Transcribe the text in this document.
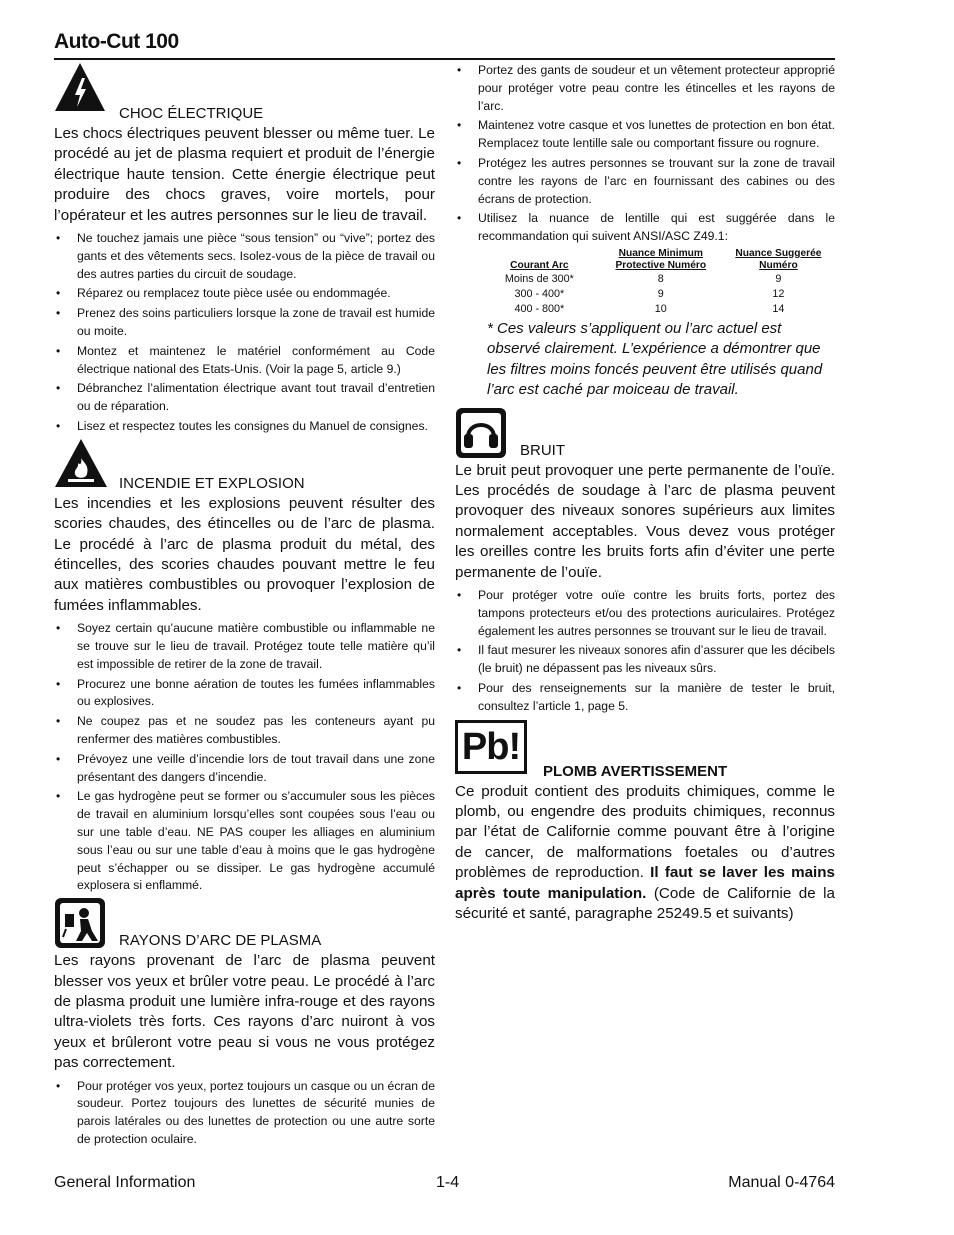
Auto-Cut 100
CHOC ÉLECTRIQUE

Les chocs électriques peuvent blesser ou même tuer. Le procédé au jet de plasma requiert et produit de l’énergie électrique haute tension. Cette énergie électrique peut produire des chocs graves, voire mortels, pour l’opérateur et les autres personnes sur le lieu de travail.

• Ne touchez jamais une pièce “sous tension” ou “vive”; portez des gants et des vêtements secs. Isolez-vous de la pièce de travail ou des autres parties du circuit de soudage.
• Réparez ou remplacez toute pièce usée ou endommagée.
• Prenez des soins particuliers lorsque la zone de travail est humide ou moite.
• Montez et maintenez le matériel conformément au Code électrique national des Etats-Unis. (Voir la page 5, article 9.)
• Débranchez l’alimentation électrique avant tout travail d’entretien ou de réparation.
• Lisez et respectez toutes les consignes du Manuel de consignes.
INCENDIE ET EXPLOSION

Les incendies et les explosions peuvent résulter des scories chaudes, des étincelles ou de l’arc de plasma. Le procédé à l’arc de plasma produit du métal, des étincelles, des scories chaudes pouvant mettre le feu aux matières combustibles ou provoquer l’explosion de fumées inflammables.

• Soyez certain qu’aucune matière combustible ou inflammable ne se trouve sur le lieu de travail. Protégez toute telle matière qu’il est impossible de retirer de la zone de travail.
• Procurez une bonne aération de toutes les fumées inflammables ou explosives.
• Ne coupez pas et ne soudez pas les conteneurs ayant pu renfermer des matières combustibles.
• Prévoyez une veille d’incendie lors de tout travail dans une zone présentant des dangers d’incendie.
• Le gas hydrogène peut se former ou s’accumuler sous les pièces de travail en aluminium lorsqu’elles sont coupées sous l’eau ou sur une table d’eau. NE PAS couper les alliages en aluminium sous l’eau ou sur une table d’eau à moins que le gas hydrogène peut s’échapper ou se dissiper. Le gas hydrogène accumulé explosera si enflammé.
RAYONS D’ARC DE PLASMA

Les rayons provenant de l’arc de plasma peuvent blesser vos yeux et brûler votre peau. Le procédé à l’arc de plasma produit une lumière infra-rouge et des rayons ultra-violets très forts. Ces rayons d’arc nuiront à vos yeux et brûleront votre peau si vous ne vous protégez pas correctement.

• Pour protéger vos yeux, portez toujours un casque ou un écran de soudeur. Portez toujours des lunettes de sécurité munies de parois latérales ou des lunettes de protection ou une autre sorte de protection oculaire.
• Portez des gants de soudeur et un vêtement protecteur approprié pour protéger votre peau contre les étincelles et les rayons de l’arc.
• Maintenez votre casque et vos lunettes de protection en bon état. Remplacez toute lentille sale ou comportant fissure ou rognure.
• Protégez les autres personnes se trouvant sur la zone de travail contre les rayons de l’arc en fournissant des cabines ou des écrans de protection.
• Utilisez la nuance de lentille qui est suggérée dans le recommandation qui suivent ANSI/ASC Z49.1:
Courant Arc	Nuance Minimum Protective Numéro	Nuance Suggerée Numéro
Moins de 300*	8	9
300 - 400*	9	12
400 - 800*	10	14

* Ces valeurs s’appliquent ou l’arc actuel est observé clairement. L’expérience a démontrer que les filtres moins foncés peuvent être utilisés quand l’arc est caché par moiceau de travail.

BRUIT

Le bruit peut provoquer une perte permanente de l’ouïe. Les procédés de soudage à l’arc de plasma peuvent provoquer des niveaux sonores supérieurs aux limites normalement acceptables. Vous devez vous protéger les oreilles contre les bruits forts afin d’éviter une perte permanente de l’ouïe.

• Pour protéger votre ouïe contre les bruits forts, portez des tampons protecteurs et/ou des protections auriculaires. Protégez également les autres personnes se trouvant sur le lieu de travail.
• Il faut mesurer les niveaux sonores afin d’assurer que les décibels (le bruit) ne dépassent pas les niveaux sûrs.
• Pour des renseignements sur la manière de tester le bruit, consultez l’article 1, page 5.
Pb!
PLOMB AVERTISSEMENT

Ce produit contient des produits chimiques, comme le plomb, ou engendre des produits chimiques, reconnus par l’état de Californie comme pouvant être à l’origine de cancer, de malformations foetales ou d’autres problèmes de reproduction. Il faut se laver les mains après toute manipulation. (Code de Californie de la sécurité et santé, paragraphe 25249.5 et suivants)

General Information	1-4	Manual 0-4764
